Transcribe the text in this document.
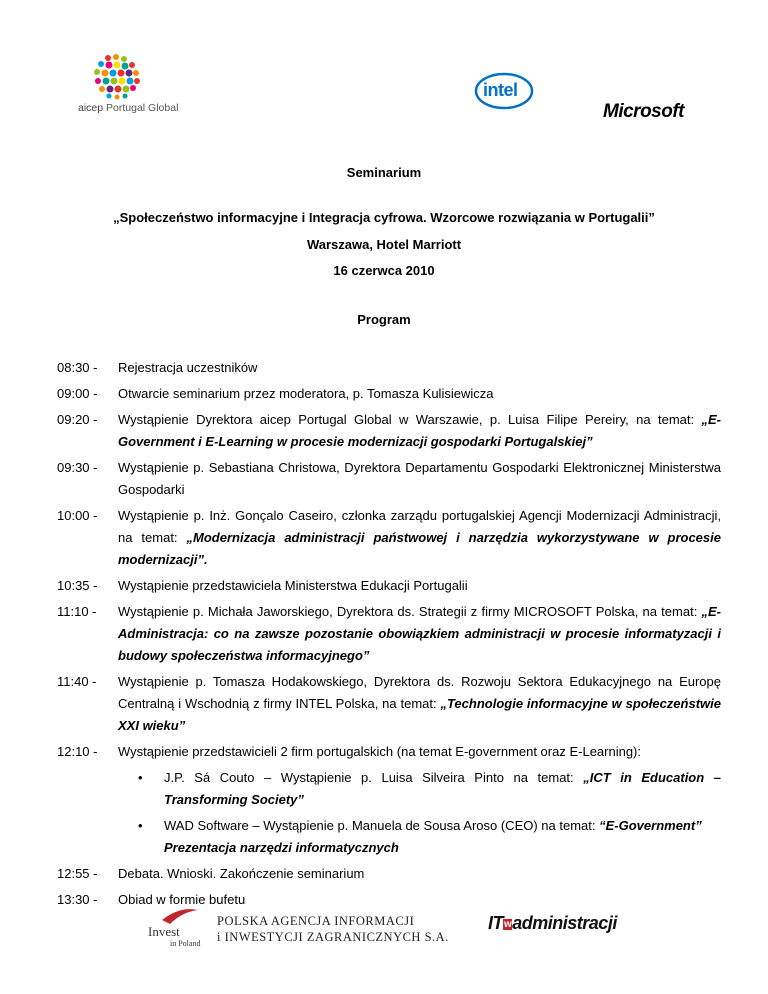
aicep Portugal Global
intel
Microsoft
Seminarium
„Społeczeństwo informacyjne i Integracja cyfrowa. Wzorcowe rozwiązania w Portugalii”
Warszawa, Hotel Marriott
16 czerwca 2010
Program
08:30 -	Rejestracja uczestników
09:00 -	Otwarcie seminarium przez moderatora, p. Tomasza Kulisiewicza
09:20 -	Wystąpienie Dyrektora aicep Portugal Global w Warszawie, p. Luisa Filipe Pereiry, na temat: „E-Government i E-Learning w procesie modernizacji gospodarki Portugalskiej”
09:30 -	Wystąpienie p. Sebastiana Christowa, Dyrektora Departamentu Gospodarki Elektronicznej Ministerstwa Gospodarki
10:00 -	Wystąpienie p. Inż. Gonçalo Caseiro, członka zarządu portugalskiej Agencji Modernizacji Administracji, na temat: „Modernizacja administracji państwowej i narzędzia wykorzystywane w procesie modernizacji”.
10:35 -	Wystąpienie przedstawiciela Ministerstwa Edukacji Portugalii
11:10 -	Wystąpienie p. Michała Jaworskiego, Dyrektora ds. Strategii z firmy MICROSOFT Polska, na temat: „E-Administracja: co na zawsze pozostanie obowiązkiem administracji w procesie informatyzacji i budowy społeczeństwa informacyjnego”
11:40 -	Wystąpienie p. Tomasza Hodakowskiego, Dyrektora ds. Rozwoju Sektora Edukacyjnego na Europę Centralną i Wschodnią z firmy INTEL Polska, na temat: „Technologie informacyjne w społeczeństwie XXI wieku”
12:10 -	Wystąpienie przedstawicieli 2 firm portugalskich (na temat E-government oraz E-Learning):
•	J.P. Sá Couto – Wystąpienie p. Luisa Silveira Pinto na temat: „ICT in Education – Transforming Society”
•	WAD Software – Wystąpienie p. Manuela de Sousa Aroso (CEO) na temat: “E-Government” Prezentacja narzędzi informatycznych
12:55 -	Debata. Wnioski. Zakończenie seminarium
13:30 -	Obiad w formie bufetu
Invest
in Poland
POLSKA AGENCJA INFORMACJI
i INWESTYCJI ZAGRANICZNYCH S.A.
ITwadministracji
